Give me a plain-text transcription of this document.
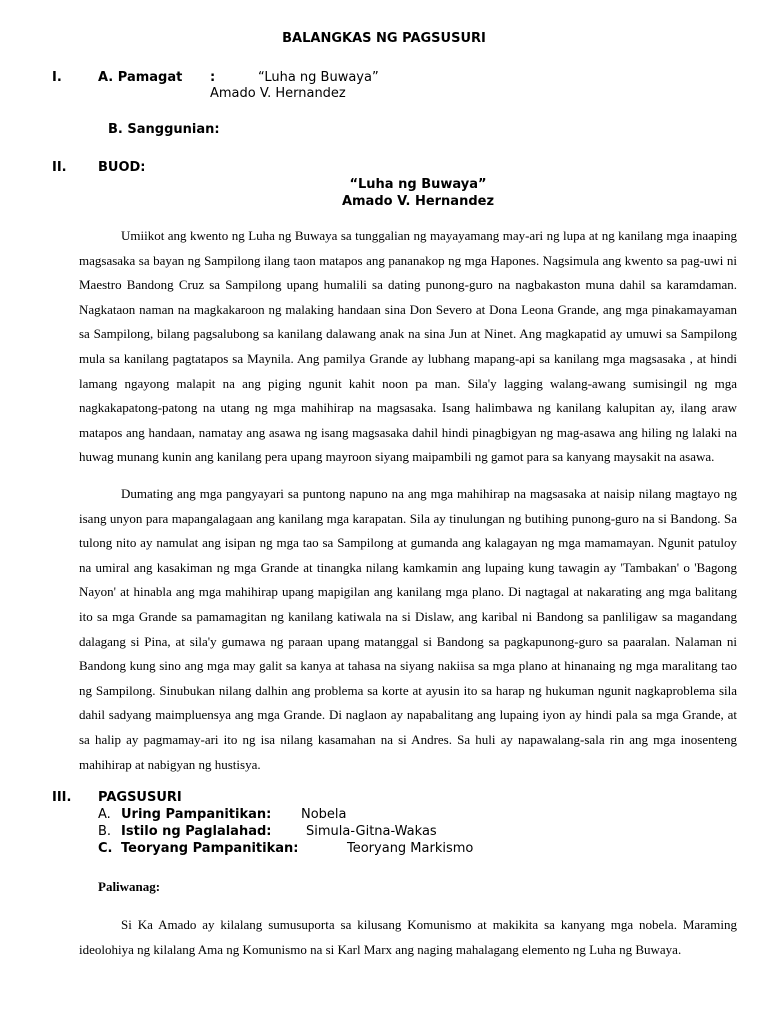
BALANGKAS NG PAGSUSURI
I.	A. Pamagat :	“Luha ng Buwaya”
Amado V. Hernandez
B. Sanggunian:
II. BUOD:
“Luha ng Buwaya”
Amado V. Hernandez

Umiikot ang kwento ng Luha ng Buwaya sa tunggalian ng mayayamang may-ari ng lupa at ng kanilang mga inaaping magsasaka sa bayan ng Sampilong ilang taon matapos ang pananakop ng mga Hapones. Nagsimula ang kwento sa pag-uwi ni Maestro Bandong Cruz sa Sampilong upang humalili sa dating punong-guro na nagbakaston muna dahil sa karamdaman. Nagkataon naman na magkakaroon ng malaking handaan sina Don Severo at Dona Leona Grande, ang mga pinakamayaman sa Sampilong, bilang pagsalubong sa kanilang dalawang anak na sina Jun at Ninet. Ang magkapatid ay umuwi sa Sampilong mula sa kanilang pagtatapos sa Maynila. Ang pamilya Grande ay lubhang mapang-api sa kanilang mga magsasaka , at hindi lamang ngayong malapit na ang piging ngunit kahit noon pa man. Sila'y lagging walang-awang sumisingil ng mga nagkakapatong-patong na utang ng mga mahihirap na magsasaka. Isang halimbawa ng kanilang kalupitan ay, ilang araw matapos ang handaan, namatay ang asawa ng isang magsasaka dahil hindi pinagbigyan ng mag-asawa ang hiling ng lalaki na huwag munang kunin ang kanilang pera upang mayroon siyang maipambili ng gamot para sa kanyang maysakit na asawa.

Dumating ang mga pangyayari sa puntong napuno na ang mga mahihirap na magsasaka at naisip nilang magtayo ng isang unyon para mapangalagaan ang kanilang mga karapatan. Sila ay tinulungan ng butihing punong-guro na si Bandong. Sa tulong nito ay namulat ang isipan ng mga tao sa Sampilong at gumanda ang kalagayan ng mga mamamayan. Ngunit patuloy na umiral ang kasakiman ng mga Grande at tinangka nilang kamkamin ang lupaing kung tawagin ay 'Tambakan' o 'Bagong Nayon' at hinabla ang mga mahihirap upang mapigilan ang kanilang mga plano. Di nagtagal at nakarating ang mga balitang ito sa mga Grande sa pamamagitan ng kanilang katiwala na si Dislaw, ang karibal ni Bandong sa panliligaw sa magandang dalagang si Pina, at sila'y gumawa ng paraan upang matanggal si Bandong sa pagkapunong-guro sa paaralan. Nalaman ni Bandong kung sino ang mga may galit sa kanya at tahasa na siyang nakiisa sa mga plano at hinanaing ng mga maralitang tao ng Sampilong. Sinubukan nilang dalhin ang problema sa korte at ayusin ito sa harap ng hukuman ngunit nagkaproblema sila dahil sadyang maimpluensya ang mga Grande. Di naglaon ay napabalitang ang lupaing iyon ay hindi pala sa mga Grande, at sa halip ay pagmamay-ari ito ng isa nilang kasamahan na si Andres. Sa huli ay napawalang-sala rin ang mga inosenteng mahihirap at nabigyan ng hustisya.

III. PAGSUSURI
A. Uring Pampanitikan: Nobela
B. Istilo ng Paglalahad:	Simula-Gitna-Wakas
C. Teoryang Pampanitikan:	Teoryang Markismo
Paliwanag:

Si Ka Amado ay kilalang sumusuporta sa kilusang Komunismo at makikita sa kanyang mga nobela. Maraming ideolohiya ng kilalang Ama ng Komunismo na si Karl Marx ang naging mahalagang elemento ng Luha ng Buwaya.
